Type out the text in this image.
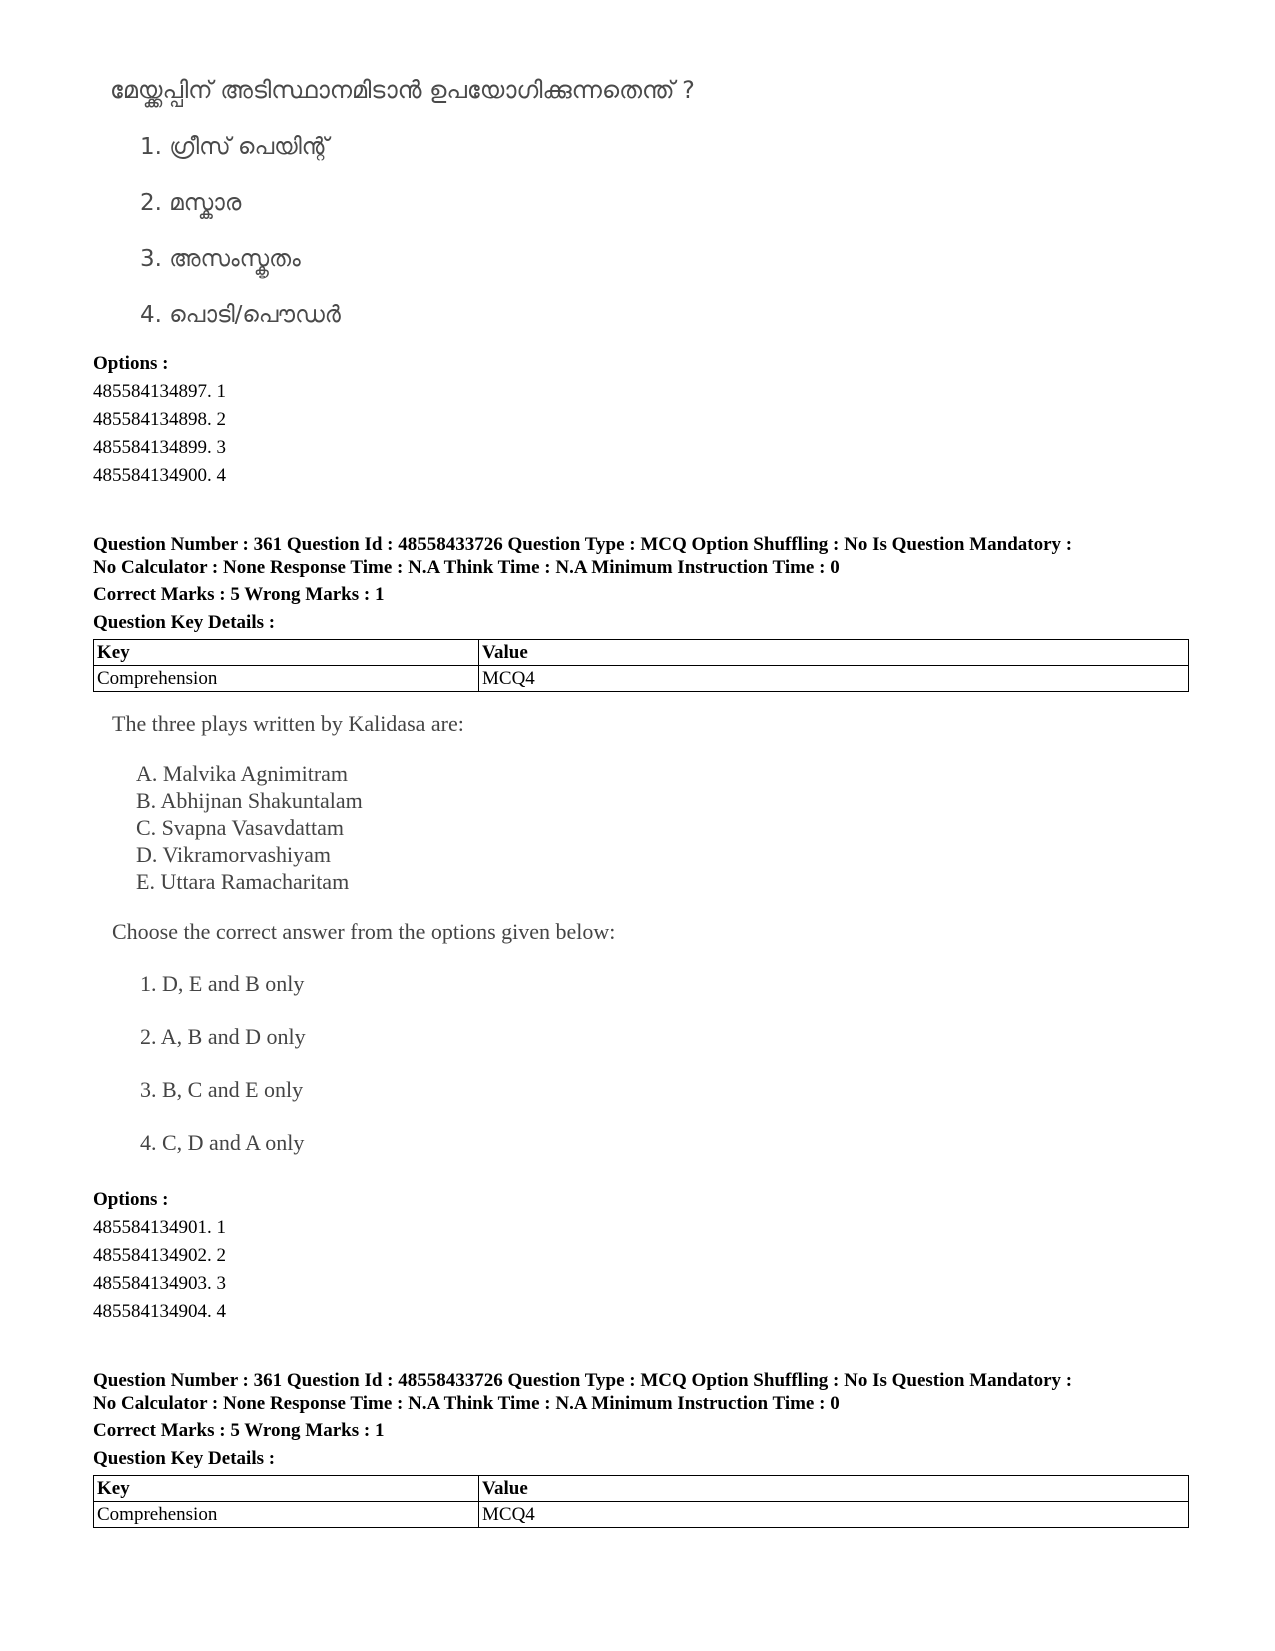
മേയ്ക്കപ്പിന് അടിസ്ഥാനമിടാൻ ഉപയോഗിക്കുന്നതെന്ത് ?
1. ഗ്രീസ് പെയിന്റ്
2. മസ്കാര
3. അസംസ്കൃതം
4. പൊടി/പൌഡർ
Options :
485584134897. 1
485584134898. 2
485584134899. 3
485584134900. 4
Question Number : 361 Question Id : 48558433726 Question Type : MCQ Option Shuffling : No Is Question Mandatory :
No Calculator : None Response Time : N.A Think Time : N.A Minimum Instruction Time : 0
Correct Marks : 5 Wrong Marks : 1
Question Key Details :
Key	Value
Comprehension	MCQ4
The three plays written by Kalidasa are:
A. Malvika Agnimitram
B. Abhijnan Shakuntalam
C. Svapna Vasavdattam
D. Vikramorvashiyam
E. Uttara Ramacharitam
Choose the correct answer from the options given below:
1. D, E and B only
2. A, B and D only
3. B, C and E only
4. C, D and A only
Options :
485584134901. 1
485584134902. 2
485584134903. 3
485584134904. 4
Question Number : 361 Question Id : 48558433726 Question Type : MCQ Option Shuffling : No Is Question Mandatory :
No Calculator : None Response Time : N.A Think Time : N.A Minimum Instruction Time : 0
Correct Marks : 5 Wrong Marks : 1
Question Key Details :
Key	Value
Comprehension	MCQ4
